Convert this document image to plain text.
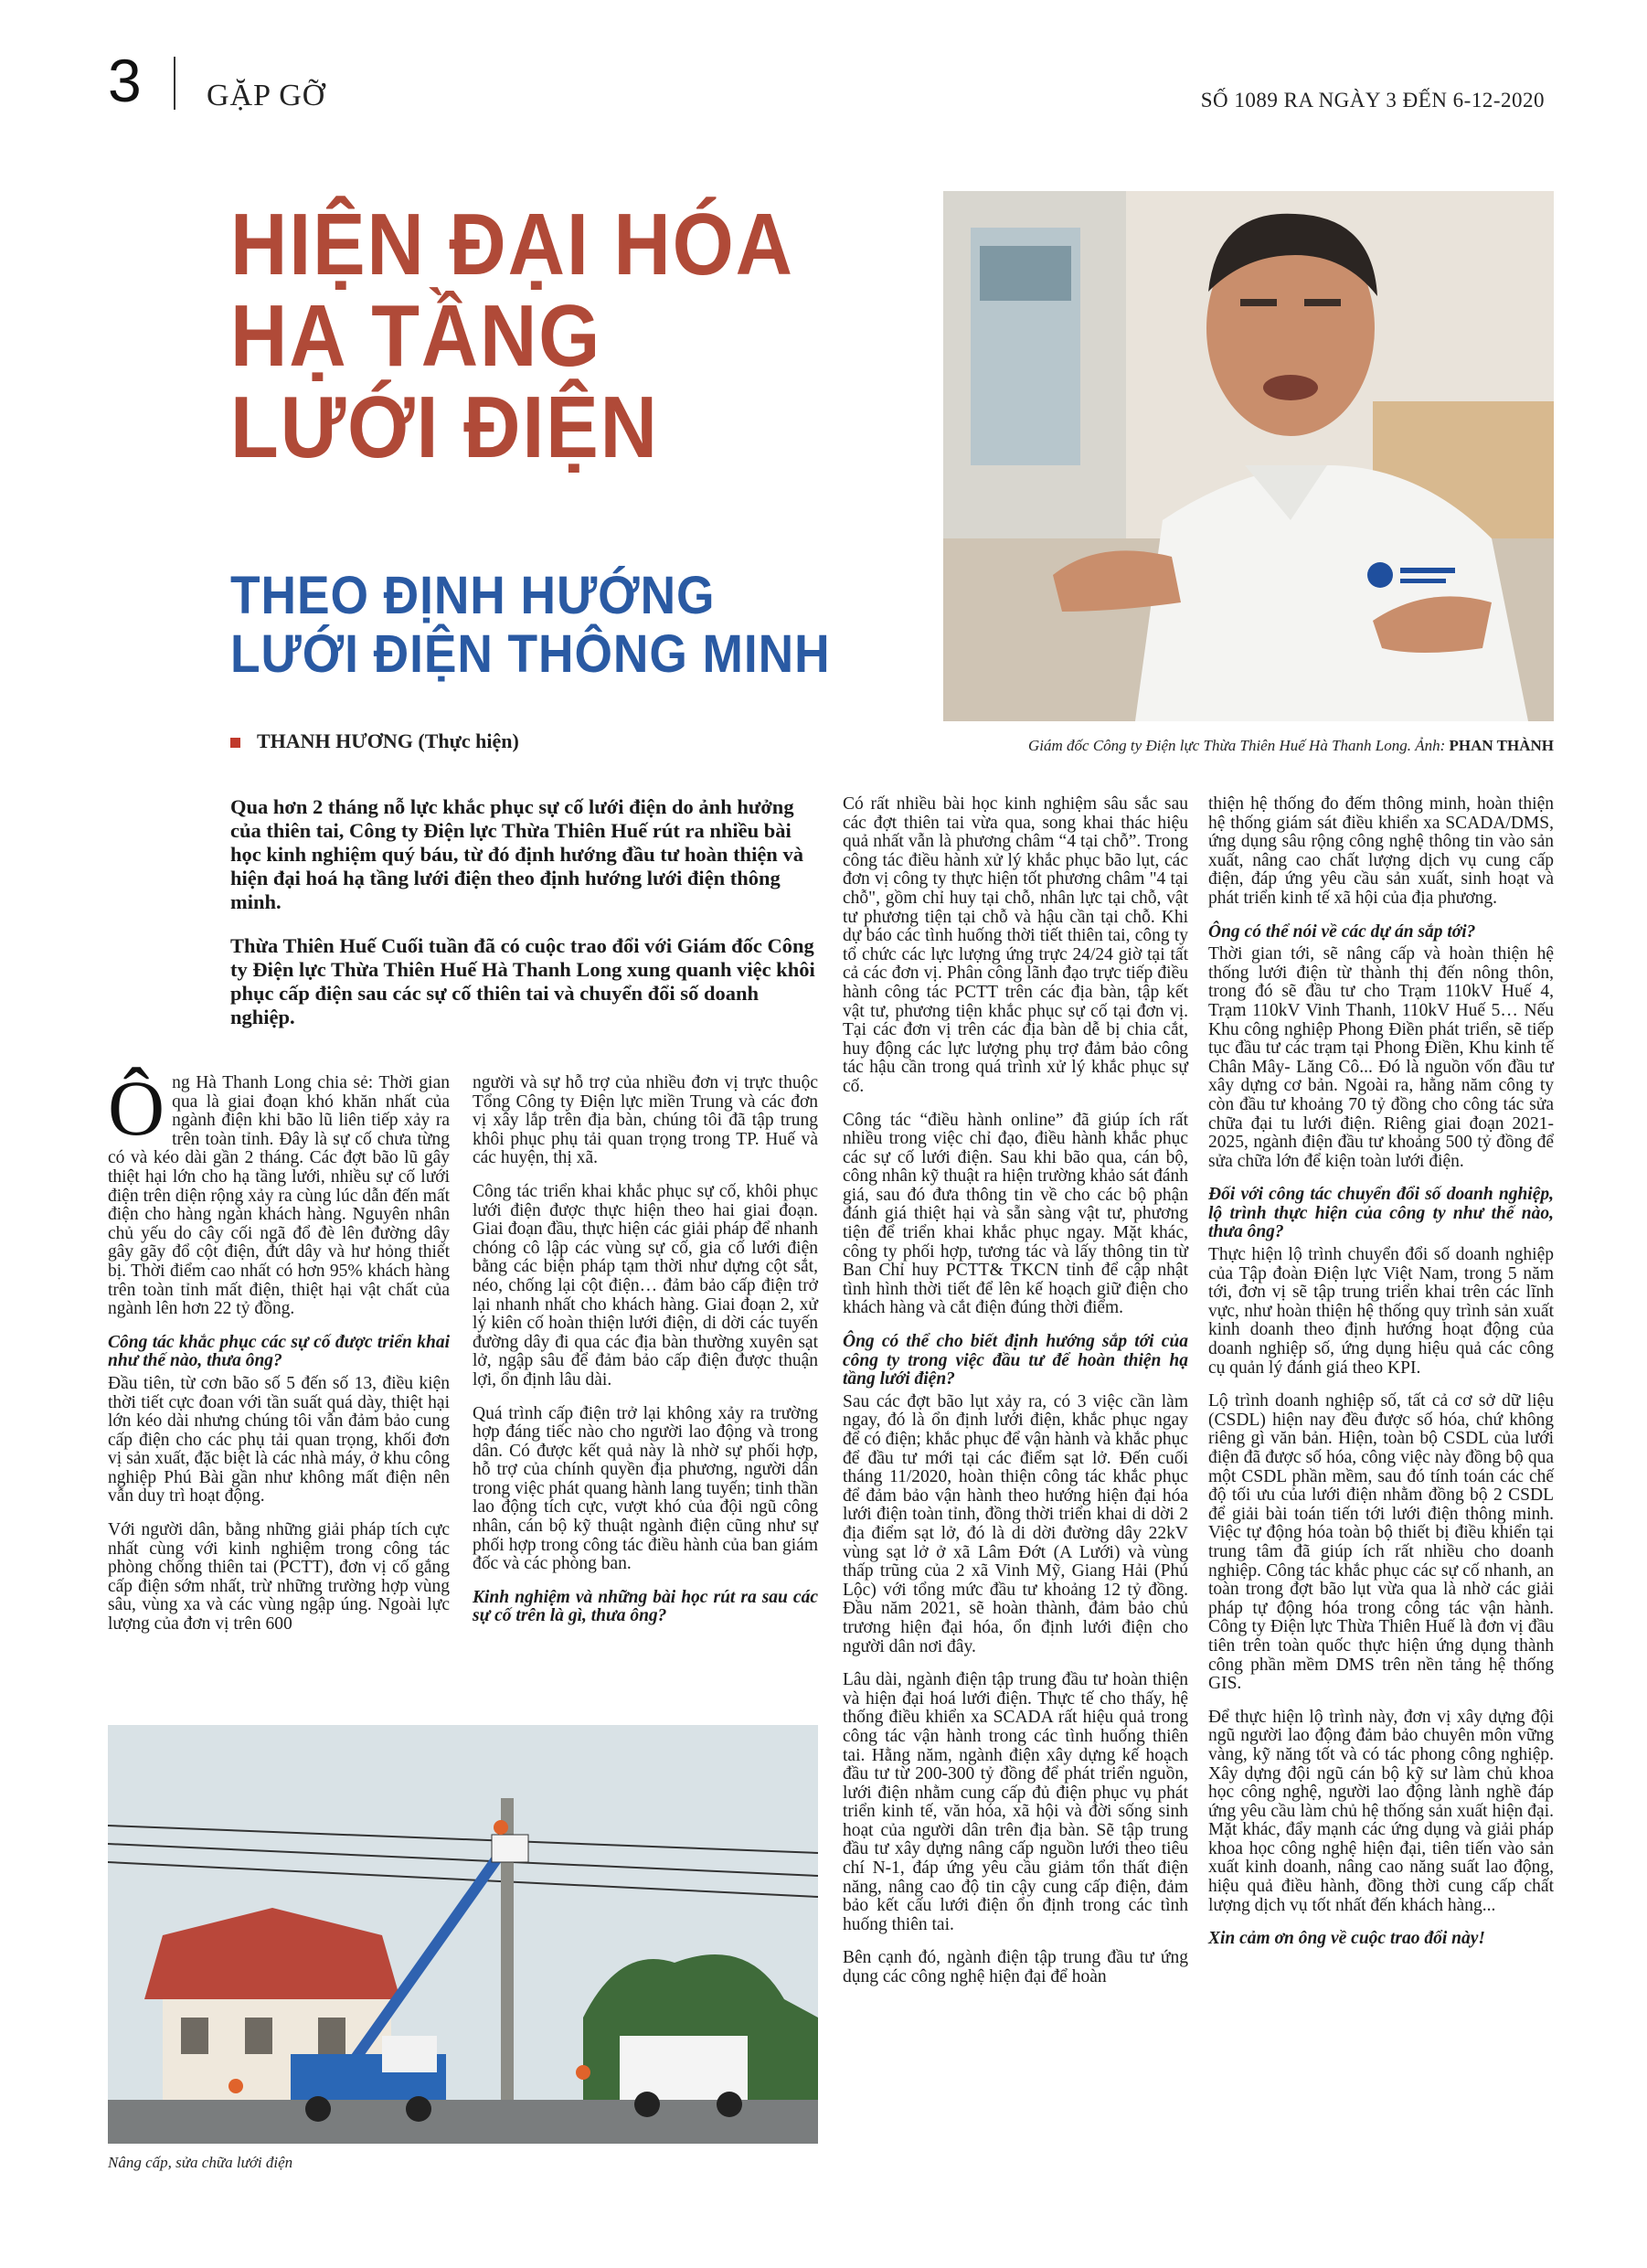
3 GẶP GỠ	SỐ 1089 RA NGÀY 3 ĐẾN 6-12-2020
HIỆN ĐẠI HÓA
HẠ TẦNG
LƯỚI ĐIỆN
THEO ĐỊNH HƯỚNG
LƯỚI ĐIỆN THÔNG MINH
THANH HƯƠNG (Thực hiện)	Giám đốc Công ty Điện lực Thừa Thiên Huế Hà Thanh Long. Ảnh: PHAN THÀNH

Qua hơn 2 tháng nỗ lực khắc phục sự cố lưới điện do ảnh hưởng của thiên tai, Công ty Điện lực Thừa Thiên Huế rút ra nhiều bài học kinh nghiệm quý báu, từ đó định hướng đầu tư hoàn thiện và hiện đại hoá hạ tầng lưới điện theo định hướng lưới điện thông minh.

Thừa Thiên Huế Cuối tuần đã có cuộc trao đổi với Giám đốc Công ty Điện lực Thừa Thiên Huế Hà Thanh Long xung quanh việc khôi phục cấp điện sau các sự cố thiên tai và chuyển đổi số doanh nghiệp.

Ông Hà Thanh Long chia sẻ: Thời gian qua là giai đoạn khó khăn nhất của ngành điện khi bão lũ liên tiếp xảy ra trên toàn tỉnh. Đây là sự cố chưa từng có và kéo dài gần 2 tháng. Các đợt bão lũ gây thiệt hại lớn cho hạ tầng lưới, nhiều sự cố lưới điện trên diện rộng xảy ra cùng lúc dẫn đến mất điện cho hàng ngàn khách hàng. Nguyên nhân chủ yếu do cây cối ngã đổ đè lên đường dây gây gãy đổ cột điện, đứt dây và hư hỏng thiết bị. Thời điểm cao nhất có hơn 95% khách hàng trên toàn tỉnh mất điện, thiệt hại vật chất của ngành lên hơn 22 tỷ đồng.

Công tác khắc phục các sự cố được triển khai như thế nào, thưa ông?

Đầu tiên, từ cơn bão số 5 đến số 13, điều kiện thời tiết cực đoan với tần suất quá dày, thiệt hại lớn kéo dài nhưng chúng tôi vẫn đảm bảo cung cấp điện cho các phụ tải quan trọng, khối đơn vị sản xuất, đặc biệt là các nhà máy, ở khu công nghiệp Phú Bài gần như không mất điện nên vẫn duy trì hoạt động.

Với người dân, bằng những giải pháp tích cực nhất cùng với kinh nghiệm trong công tác phòng chống thiên tai (PCTT), đơn vị cố gắng cấp điện sớm nhất, trừ những trường hợp vùng sâu, vùng xa và các vùng ngập úng. Ngoài lực lượng của đơn vị trên 600

người và sự hỗ trợ của nhiều đơn vị trực thuộc Tổng Công ty Điện lực miền Trung và các đơn vị xây lắp trên địa bàn, chúng tôi đã tập trung khôi phục phụ tải quan trọng trong TP. Huế và các huyện, thị xã.

Công tác triển khai khắc phục sự cố, khôi phục lưới điện được thực hiện theo hai giai đoạn. Giai đoạn đầu, thực hiện các giải pháp để nhanh chóng cô lập các vùng sự cố, gia cố lưới điện bằng các biện pháp tạm thời như dựng cột sắt, néo, chống lại cột điện… đảm bảo cấp điện trở lại nhanh nhất cho khách hàng. Giai đoạn 2, xử lý kiên cố hoàn thiện lưới điện, di dời các tuyến đường dây đi qua các địa bàn thường xuyên sạt lở, ngập sâu để đảm bảo cấp điện được thuận lợi, ổn định lâu dài.

Quá trình cấp điện trở lại không xảy ra trường hợp đáng tiếc nào cho người lao động và trong dân. Có được kết quả này là nhờ sự phối hợp, hỗ trợ của chính quyền địa phương, người dân trong việc phát quang hành lang tuyến; tinh thần lao động tích cực, vượt khó của đội ngũ công nhân, cán bộ kỹ thuật ngành điện cũng như sự phối hợp trong công tác điều hành của ban giám đốc và các phòng ban.

Kinh nghiệm và những bài học rút ra sau các sự cố trên là gì, thưa ông?

Có rất nhiều bài học kinh nghiệm sâu sắc sau các đợt thiên tai vừa qua, song khai thác hiệu quả nhất vẫn là phương châm “4 tại chỗ”. Trong công tác điều hành xử lý khắc phục bão lụt, các đơn vị công ty thực hiện tốt phương châm "4 tại chỗ", gồm chỉ huy tại chỗ, nhân lực tại chỗ, vật tư phương tiện tại chỗ và hậu cần tại chỗ. Khi dự báo các tình huống thời tiết thiên tai, công ty tổ chức các lực lượng ứng trực 24/24 giờ tại tất cả các đơn vị. Phân công lãnh đạo trực tiếp điều hành công tác PCTT trên các địa bàn, tập kết vật tư, phương tiện khắc phục sự cố tại đơn vị. Tại các đơn vị trên các địa bàn dễ bị chia cắt, huy động các lực lượng phụ trợ đảm bảo công tác hậu cần trong quá trình xử lý khắc phục sự cố.

Công tác “điều hành online” đã giúp ích rất nhiều trong việc chỉ đạo, điều hành khắc phục các sự cố lưới điện. Sau khi bão qua, cán bộ, công nhân kỹ thuật ra hiện trường khảo sát đánh giá, sau đó đưa thông tin về cho các bộ phận đánh giá thiệt hại và sẵn sàng vật tư, phương tiện để triển khai khắc phục ngay. Mặt khác, công ty phối hợp, tương tác và lấy thông tin từ Ban Chỉ huy PCTT& TKCN tỉnh để cập nhật tình hình thời tiết để lên kế hoạch giữ điện cho khách hàng và cắt điện đúng thời điểm.

Ông có thể cho biết định hướng sắp tới của công ty trong việc đầu tư để hoàn thiện hạ tầng lưới điện?

Sau các đợt bão lụt xảy ra, có 3 việc cần làm ngay, đó là ổn định lưới điện, khắc phục ngay để có điện; khắc phục để vận hành và khắc phục để đầu tư mới tại các điểm sạt lở. Đến cuối tháng 11/2020, hoàn thiện công tác khắc phục để đảm bảo vận hành theo hướng hiện đại hóa lưới điện toàn tỉnh, đồng thời triển khai di dời 2 địa điểm sạt lở, đó là di dời đường dây 22kV vùng sạt lở ở xã Lâm Đớt (A Lưới) và vùng thấp trũng của 2 xã Vinh Mỹ, Giang Hải (Phú Lộc) với tổng mức đầu tư khoảng 12 tỷ đồng. Đầu năm 2021, sẽ hoàn thành, đảm bảo chủ trương hiện đại hóa, ổn định lưới điện cho người dân nơi đây.

Lâu dài, ngành điện tập trung đầu tư hoàn thiện và hiện đại hoá lưới điện. Thực tế cho thấy, hệ thống điều khiển xa SCADA rất hiệu quả trong công tác vận hành trong các tình huống thiên tai. Hằng năm, ngành điện xây dựng kế hoạch đầu tư từ 200-300 tỷ đồng để phát triển nguồn, lưới điện nhằm cung cấp đủ điện phục vụ phát triển kinh tế, văn hóa, xã hội và đời sống sinh hoạt của người dân trên địa bàn. Sẽ tập trung đầu tư xây dựng nâng cấp nguồn lưới theo tiêu chí N-1, đáp ứng yêu cầu giảm tổn thất điện năng, nâng cao độ tin cậy cung cấp điện, đảm bảo kết cấu lưới điện ổn định trong các tình huống thiên tai.

Bên cạnh đó, ngành điện tập trung đầu tư ứng dụng các công nghệ hiện đại để hoàn

thiện hệ thống đo đếm thông minh, hoàn thiện hệ thống giám sát điều khiển xa SCADA/DMS, ứng dụng sâu rộng công nghệ thông tin vào sản xuất, nâng cao chất lượng dịch vụ cung cấp điện, đáp ứng yêu cầu sản xuất, sinh hoạt và phát triển kinh tế xã hội của địa phương.

Ông có thể nói về các dự án sắp tới?

Thời gian tới, sẽ nâng cấp và hoàn thiện hệ thống lưới điện từ thành thị đến nông thôn, trong đó sẽ đầu tư cho Trạm 110kV Huế 4, Trạm 110kV Vinh Thanh, 110kV Huế 5… Nếu Khu công nghiệp Phong Điền phát triển, sẽ tiếp tục đầu tư các trạm tại Phong Điền, Khu kinh tế Chân Mây- Lăng Cô... Đó là nguồn vốn đầu tư xây dựng cơ bản. Ngoài ra, hằng năm công ty còn đầu tư khoảng 70 tỷ đồng cho công tác sửa chữa đại tu lưới điện. Riêng giai đoạn 2021-2025, ngành điện đầu tư khoảng 500 tỷ đồng để sửa chữa lớn để kiện toàn lưới điện.

Đối với công tác chuyển đổi số doanh nghiệp, lộ trình thực hiện của công ty như thế nào, thưa ông?

Thực hiện lộ trình chuyển đổi số doanh nghiệp của Tập đoàn Điện lực Việt Nam, trong 5 năm tới, đơn vị sẽ tập trung triển khai trên các lĩnh vực, như hoàn thiện hệ thống quy trình sản xuất kinh doanh theo định hướng hoạt động của doanh nghiệp số, ứng dụng hiệu quả các công cụ quản lý đánh giá theo KPI.

Lộ trình doanh nghiệp số, tất cả cơ sở dữ liệu (CSDL) hiện nay đều được số hóa, chứ không riêng gì văn bản. Hiện, toàn bộ CSDL của lưới điện đã được số hóa, công việc này đồng bộ qua một CSDL phần mềm, sau đó tính toán các chế độ tối ưu của lưới điện nhằm đồng bộ 2 CSDL để giải bài toán tiến tới lưới điện thông minh. Việc tự động hóa toàn bộ thiết bị điều khiển tại trung tâm đã giúp ích rất nhiều cho doanh nghiệp. Công tác khắc phục các sự cố nhanh, an toàn trong đợt bão lụt vừa qua là nhờ các giải pháp tự động hóa trong công tác vận hành. Công ty Điện lực Thừa Thiên Huế là đơn vị đầu tiên trên toàn quốc thực hiện ứng dụng thành công phần mềm DMS trên nền tảng hệ thống GIS.

Để thực hiện lộ trình này, đơn vị xây dựng đội ngũ người lao động đảm bảo chuyên môn vững vàng, kỹ năng tốt và có tác phong công nghiệp. Xây dựng đội ngũ cán bộ kỹ sư làm chủ khoa học công nghệ, người lao động lành nghề đáp ứng yêu cầu làm chủ hệ thống sản xuất hiện đại. Mặt khác, đẩy mạnh các ứng dụng và giải pháp khoa học công nghệ hiện đại, tiên tiến vào sản xuất kinh doanh, nâng cao năng suất lao động, hiệu quả điều hành, đồng thời cung cấp chất lượng dịch vụ tốt nhất đến khách hàng...

Xin cảm ơn ông về cuộc trao đổi này!

Nâng cấp, sửa chữa lưới điện
